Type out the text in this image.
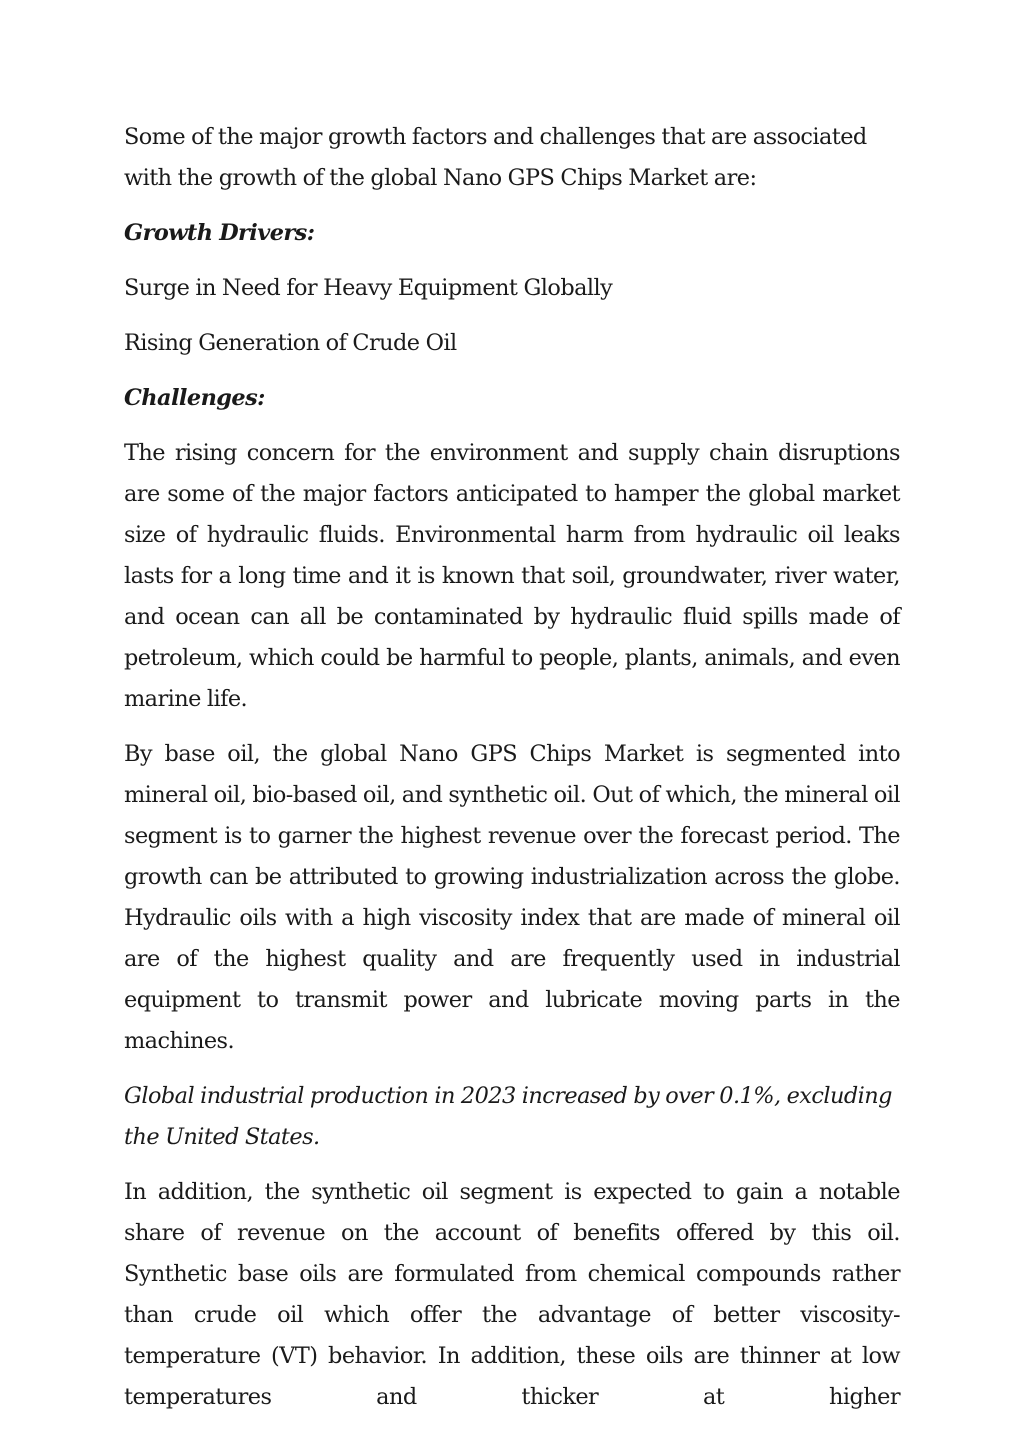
Some of the major growth factors and challenges that are associated with the growth of the global Nano GPS Chips Market are:

Growth Drivers:

Surge in Need for Heavy Equipment Globally

Rising Generation of Crude Oil

Challenges:

The rising concern for the environment and supply chain disruptions are some of the major factors anticipated to hamper the global market size of hydraulic fluids. Environmental harm from hydraulic oil leaks lasts for a long time and it is known that soil, groundwater, river water, and ocean can all be contaminated by hydraulic fluid spills made of petroleum, which could be harmful to people, plants, animals, and even marine life.

By base oil, the global Nano GPS Chips Market is segmented into mineral oil, bio-based oil, and synthetic oil. Out of which, the mineral oil segment is to garner the highest revenue over the forecast period. The growth can be attributed to growing industrialization across the globe. Hydraulic oils with a high viscosity index that are made of mineral oil are of the highest quality and are frequently used in industrial equipment to transmit power and lubricate moving parts in the machines.

Global industrial production in 2023 increased by over 0.1%, excluding the United States.

In addition, the synthetic oil segment is expected to gain a notable share of revenue on the account of benefits offered by this oil. Synthetic base oils are formulated from chemical compounds rather than crude oil which offer the advantage of better viscosity-temperature (VT) behavior. In addition, these oils are thinner at low temperatures and thicker at higher
